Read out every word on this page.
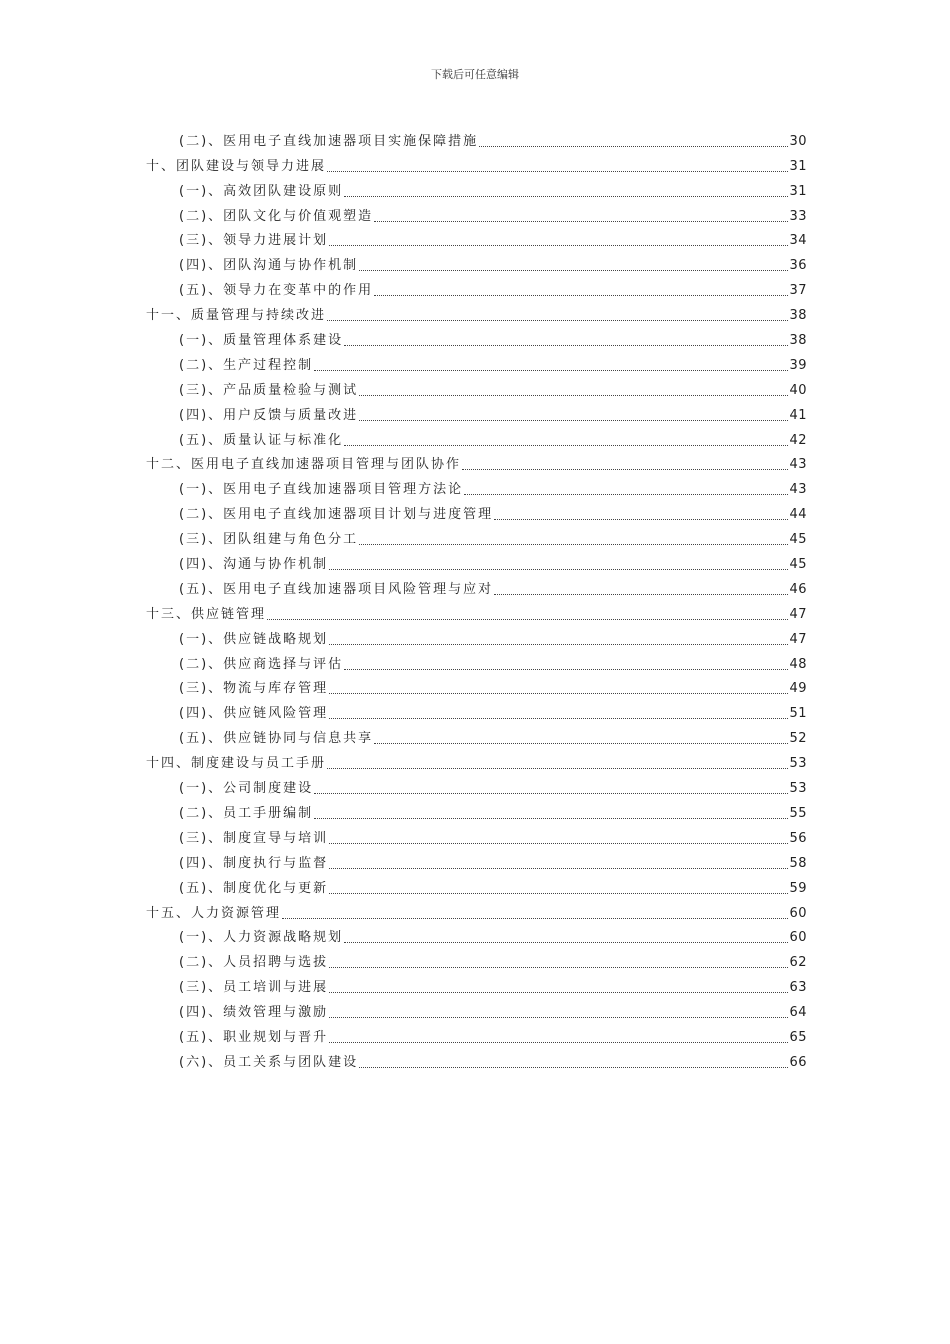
下载后可任意编辑
(二)、医用电子直线加速器项目实施保障措施	30
十、团队建设与领导力进展	31
(一)、高效团队建设原则	31
(二)、团队文化与价值观塑造	33
(三)、领导力进展计划	34
(四)、团队沟通与协作机制	36
(五)、领导力在变革中的作用	37
十一、质量管理与持续改进	38
(一)、质量管理体系建设	38
(二)、生产过程控制	39
(三)、产品质量检验与测试	40
(四)、用户反馈与质量改进	41
(五)、质量认证与标准化	42
十二、医用电子直线加速器项目管理与团队协作	43
(一)、医用电子直线加速器项目管理方法论	43
(二)、医用电子直线加速器项目计划与进度管理	44
(三)、团队组建与角色分工	45
(四)、沟通与协作机制	45
(五)、医用电子直线加速器项目风险管理与应对	46
十三、供应链管理	47
(一)、供应链战略规划	47
(二)、供应商选择与评估	48
(三)、物流与库存管理	49
(四)、供应链风险管理	51
(五)、供应链协同与信息共享	52
十四、制度建设与员工手册	53
(一)、公司制度建设	53
(二)、员工手册编制	55
(三)、制度宣导与培训	56
(四)、制度执行与监督	58
(五)、制度优化与更新	59
十五、人力资源管理	60
(一)、人力资源战略规划	60
(二)、人员招聘与选拔	62
(三)、员工培训与进展	63
(四)、绩效管理与激励	64
(五)、职业规划与晋升	65
(六)、员工关系与团队建设	66
